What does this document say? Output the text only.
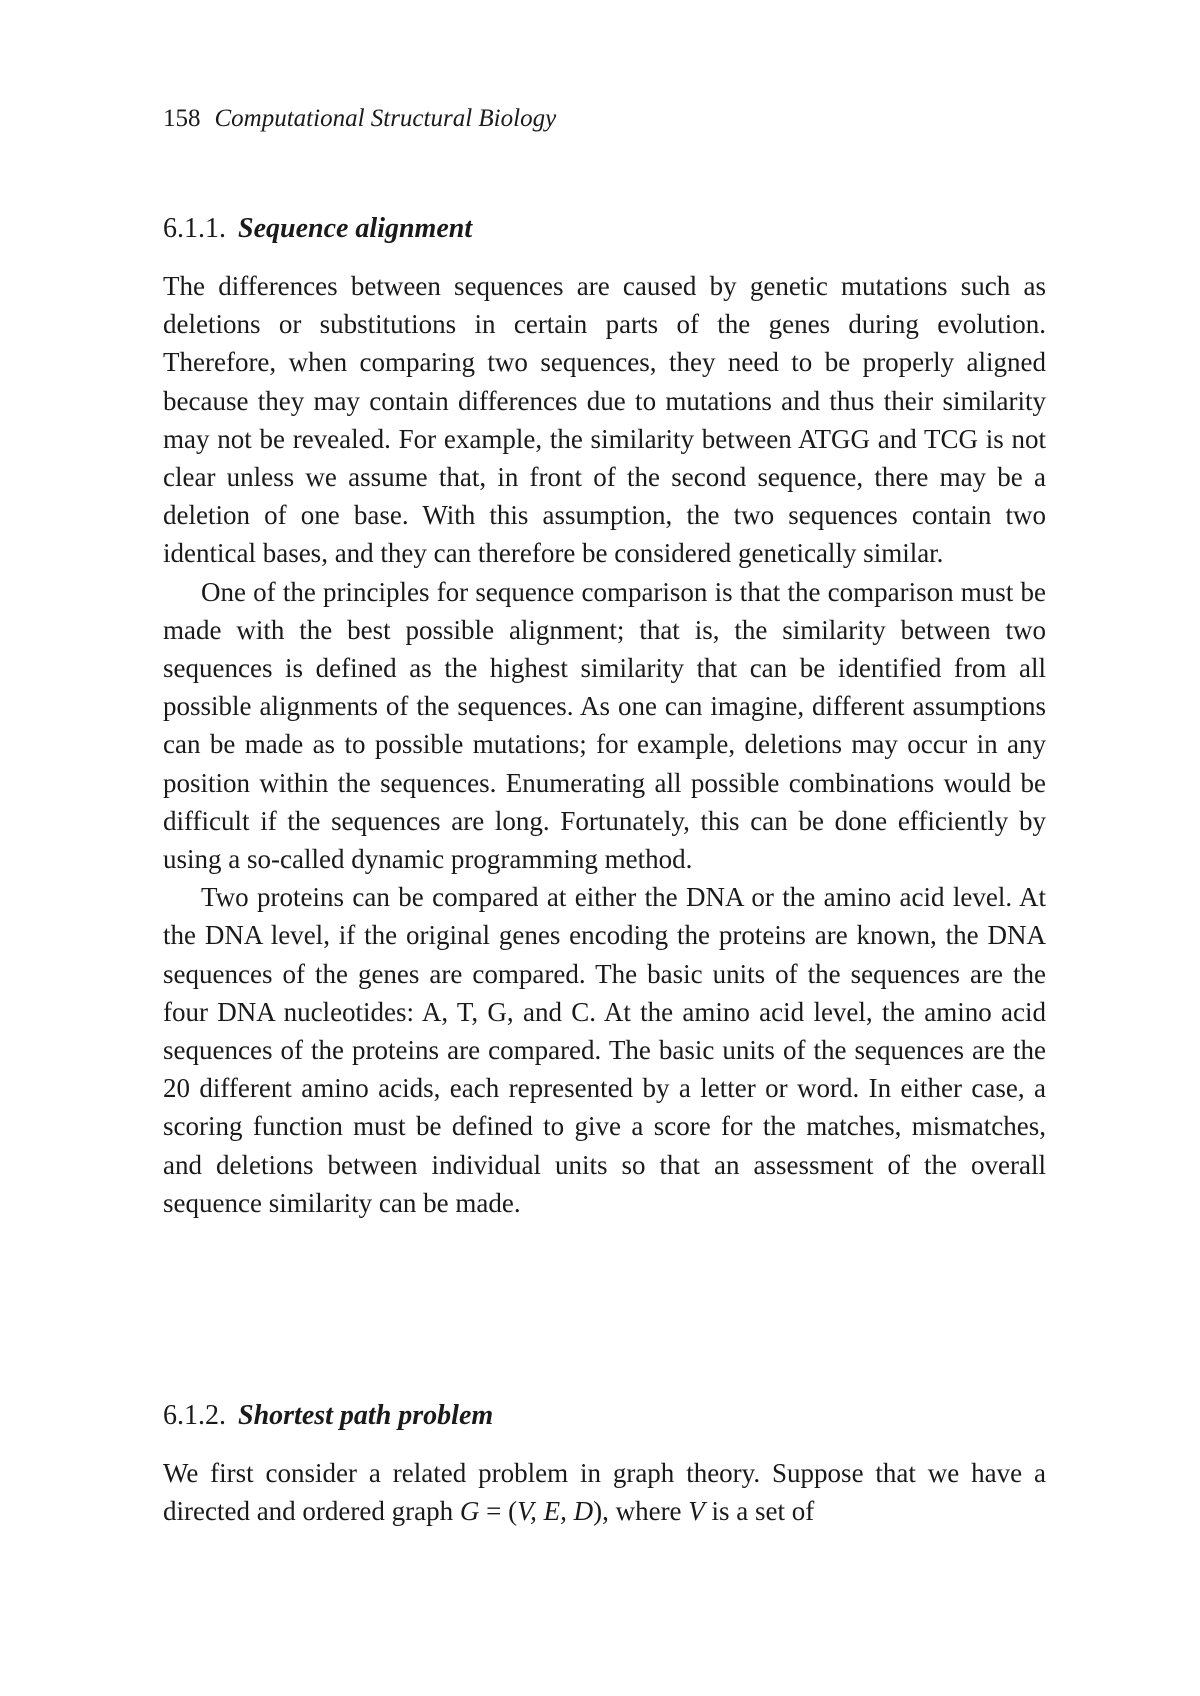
158 Computational Structural Biology
6.1.1. Sequence alignment

The differences between sequences are caused by genetic mutations such as deletions or substitutions in certain parts of the genes during evolution. Therefore, when comparing two sequences, they need to be properly aligned because they may contain differences due to mutations and thus their similarity may not be revealed. For example, the similarity between ATGG and TCG is not clear unless we assume that, in front of the second sequence, there may be a deletion of one base. With this assumption, the two sequences contain two identical bases, and they can therefore be considered genetically similar.

One of the principles for sequence comparison is that the comparison must be made with the best possible alignment; that is, the similarity between two sequences is defined as the highest similarity that can be identified from all possible alignments of the sequences. As one can imagine, different assumptions can be made as to possible mutations; for example, deletions may occur in any position within the sequences. Enumerating all possible combinations would be difficult if the sequences are long. Fortunately, this can be done efficiently by using a so-called dynamic programming method.

Two proteins can be compared at either the DNA or the amino acid level. At the DNA level, if the original genes encoding the proteins are known, the DNA sequences of the genes are compared. The basic units of the sequences are the four DNA nucleotides: A, T, G, and C. At the amino acid level, the amino acid sequences of the proteins are compared. The basic units of the sequences are the 20 different amino acids, each represented by a letter or word. In either case, a scoring function must be defined to give a score for the matches, mismatches, and deletions between individual units so that an assessment of the overall sequence similarity can be made.

6.1.2. Shortest path problem

We first consider a related problem in graph theory. Suppose that we have a directed and ordered graph G = (V, E, D), where V is a set of
